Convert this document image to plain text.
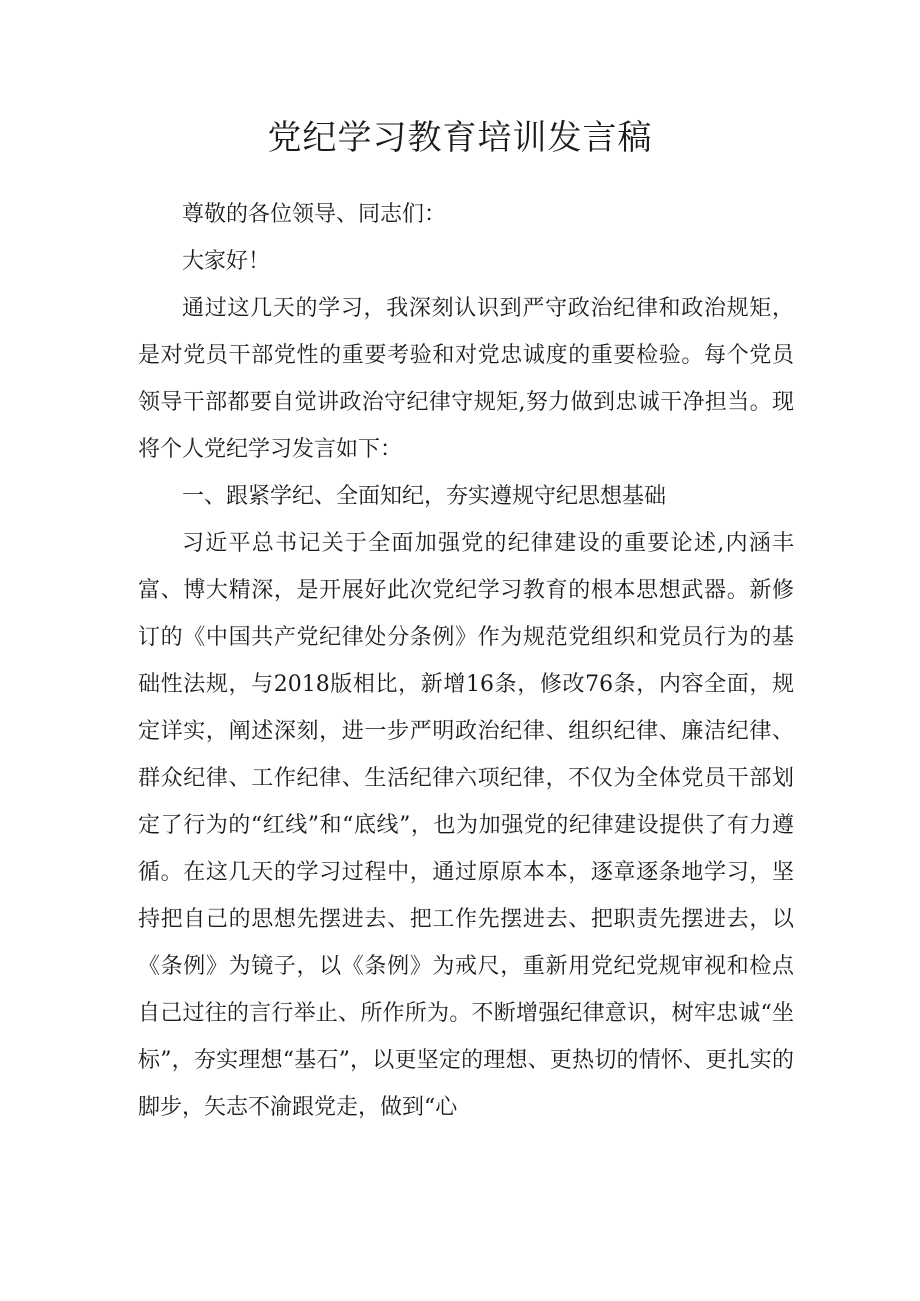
党纪学习教育培训发言稿

尊敬的各位领导、同志们：

大家好！

通过这几天的学习，我深刻认识到严守政治纪律和政治规矩，是对党员干部党性的重要考验和对党忠诚度的重要检验。每个党员领导干部都要自觉讲政治守纪律守规矩,努力做到忠诚干净担当。现将个人党纪学习发言如下：

一、跟紧学纪、全面知纪，夯实遵规守纪思想基础

习近平总书记关于全面加强党的纪律建设的重要论述,内涵丰富、博大精深，是开展好此次党纪学习教育的根本思想武器。新修订的《中国共产党纪律处分条例》作为规范党组织和党员行为的基础性法规，与2018版相比，新增16条，修改76条，内容全面，规定详实，阐述深刻，进一步严明政治纪律、组织纪律、廉洁纪律、群众纪律、工作纪律、生活纪律六项纪律，不仅为全体党员干部划定了行为的“红线”和“底线”，也为加强党的纪律建设提供了有力遵循。在这几天的学习过程中，通过原原本本，逐章逐条地学习，坚持把自己的思想先摆进去、把工作先摆进去、把职责先摆进去，以《条例》为镜子，以《条例》为戒尺，重新用党纪党规审视和检点自己过往的言行举止、所作所为。不断增强纪律意识，树牢忠诚“坐标”，夯实理想“基石”，以更坚定的理想、更热切的情怀、更扎实的脚步，矢志不渝跟党走，做到“心
